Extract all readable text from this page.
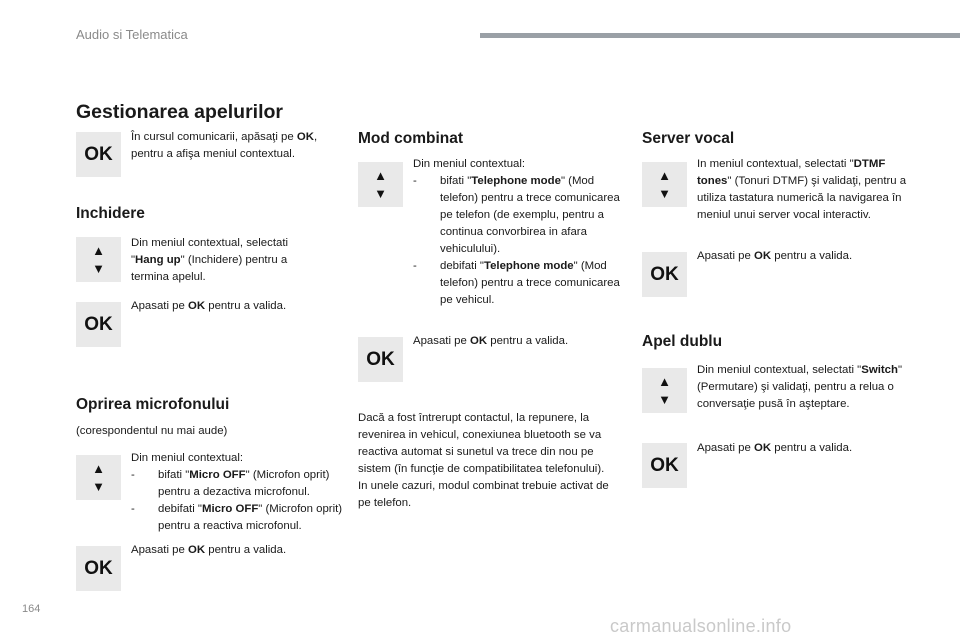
Audio si Telematica
Gestionarea apelurilor
OK

În cursul comunicarii, apăsaţi pe OK, pentru a afişa meniul contextual.

Inchidere
▲
▼

Din meniul contextual, selectati "Hang up" (Inchidere) pentru a termina apelul.

OK

Apasati pe OK pentru a valida.

Oprirea microfonului
(corespondentul nu mai aude)
▲
▼

Din meniul contextual:

-	bifati "Micro OFF" (Microfon oprit) pentru a dezactiva microfonul.
-	debifati "Micro OFF" (Microfon oprit) pentru a reactiva microfonul.
OK

Apasati pe OK pentru a valida.

Mod combinat
▲
▼

Din meniul contextual:

-	bifati "Telephone mode" (Mod telefon) pentru a trece comunicarea pe telefon (de exemplu, pentru a continua convorbirea in afara vehiculului).
-	debifati "Telephone mode" (Mod telefon) pentru a trece comunicarea pe vehicul.
OK

Apasati pe OK pentru a valida.

Dacă a fost întrerupt contactul, la repunere, la revenirea in vehicul, conexiunea bluetooth se va reactiva automat si sunetul va trece din nou pe sistem (în funcţie de compatibilitatea telefonului).

In unele cazuri, modul combinat trebuie activat de pe telefon.

Server vocal
▲
▼

In meniul contextual, selectati "DTMF tones" (Tonuri DTMF) şi validaţi, pentru a utiliza tastatura numerică la navigarea în meniul unui server vocal interactiv.

OK

Apasati pe OK pentru a valida.

Apel dublu
▲
▼

Din meniul contextual, selectati "Switch" (Permutare) şi validaţi, pentru a relua o conversaţie pusă în aşteptare.

OK

Apasati pe OK pentru a valida.

164
carmanualsonline.info
